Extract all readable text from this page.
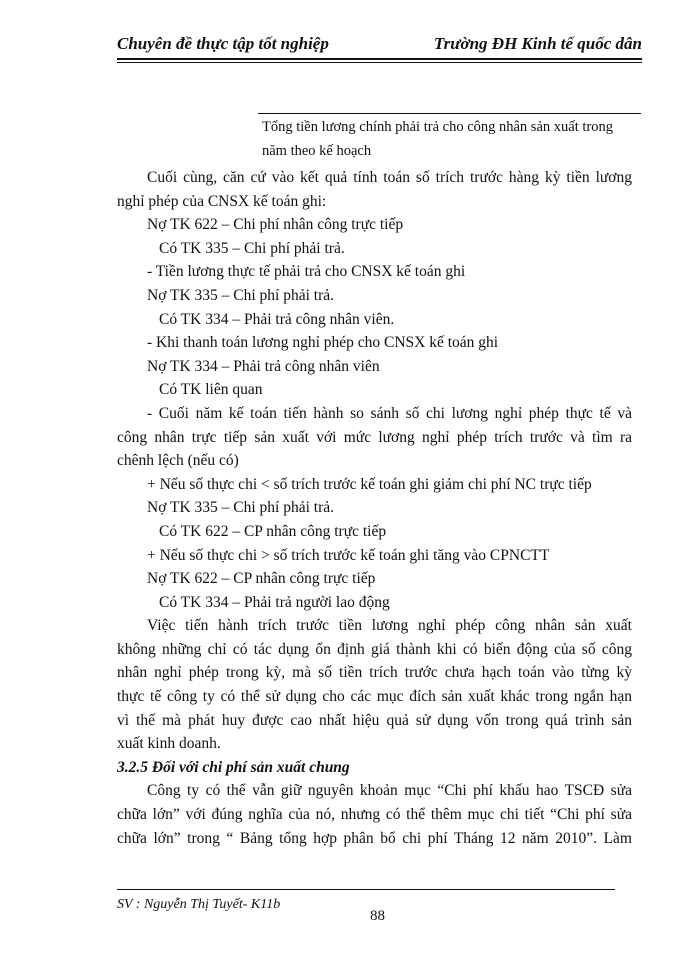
Chuyên đề thực tập tốt nghiệp	Trường ĐH Kinh tế quốc dân
Tổng tiền lương chính phải trả cho công nhân sản xuất trong
năm theo kế hoạch
Cuối cùng, căn cứ vào kết quả tính toán số trích trước hàng kỳ tiền lương
nghỉ phép của CNSX kế toán ghi:
Nợ TK 622 – Chi phí nhân công trực tiếp
Có TK 335 – Chi phí phải trả.
- Tiền lương thực tế phải trả cho CNSX kế toán ghi
Nợ TK 335 – Chi phí phải trả.
Có TK 334 – Phải trả công nhân viên.
- Khi thanh toán lương nghỉ phép cho CNSX kế toán ghi
Nợ TK 334 – Phải trả công nhân viên
Có TK liên quan
- Cuối năm kế toán tiến hành so sánh số chi lương nghỉ phép thực tế và
công nhân trực tiếp sản xuất với mức lương nghỉ phép trích trước và tìm ra
chênh lệch (nếu có)
+ Nếu số thực chi < số trích trước kế toán ghi giảm chi phí NC trực tiếp
Nợ TK 335 – Chi phí phải trả.
Có TK 622 – CP nhân công trực tiếp
+ Nếu số thực chi > số trích trước kế toán ghi tăng vào CPNCTT
Nợ TK 622 – CP nhân công trực tiếp
Có TK 334 – Phải trả người lao động
Việc tiến hành trích trước tiền lương nghỉ phép công nhân sản xuất
không những chỉ có tác dụng ổn định giá thành khi có biến động của số công
nhân nghỉ phép trong kỳ, mà số tiền trích trước chưa hạch toán vào từng kỳ
thực tế công ty có thể sử dụng cho các mục đích sản xuất khác trong ngắn hạn
vì thế mà phát huy được cao nhất hiệu quả sử dụng vốn trong quá trình sản
xuất kinh doanh.
3.2.5 Đối với chi phí sản xuất chung
Công ty có thể vẫn giữ nguyên khoản mục “Chi phí khấu hao TSCĐ sửa
chữa lớn” với đúng nghĩa của nó, nhưng có thể thêm mục chi tiết “Chi phí sửa
chữa lớn” trong “ Bảng tổng hợp phân bổ chi phí Tháng 12 năm 2010”. Làm
SV : Nguyễn Thị Tuyết- K11b
88
